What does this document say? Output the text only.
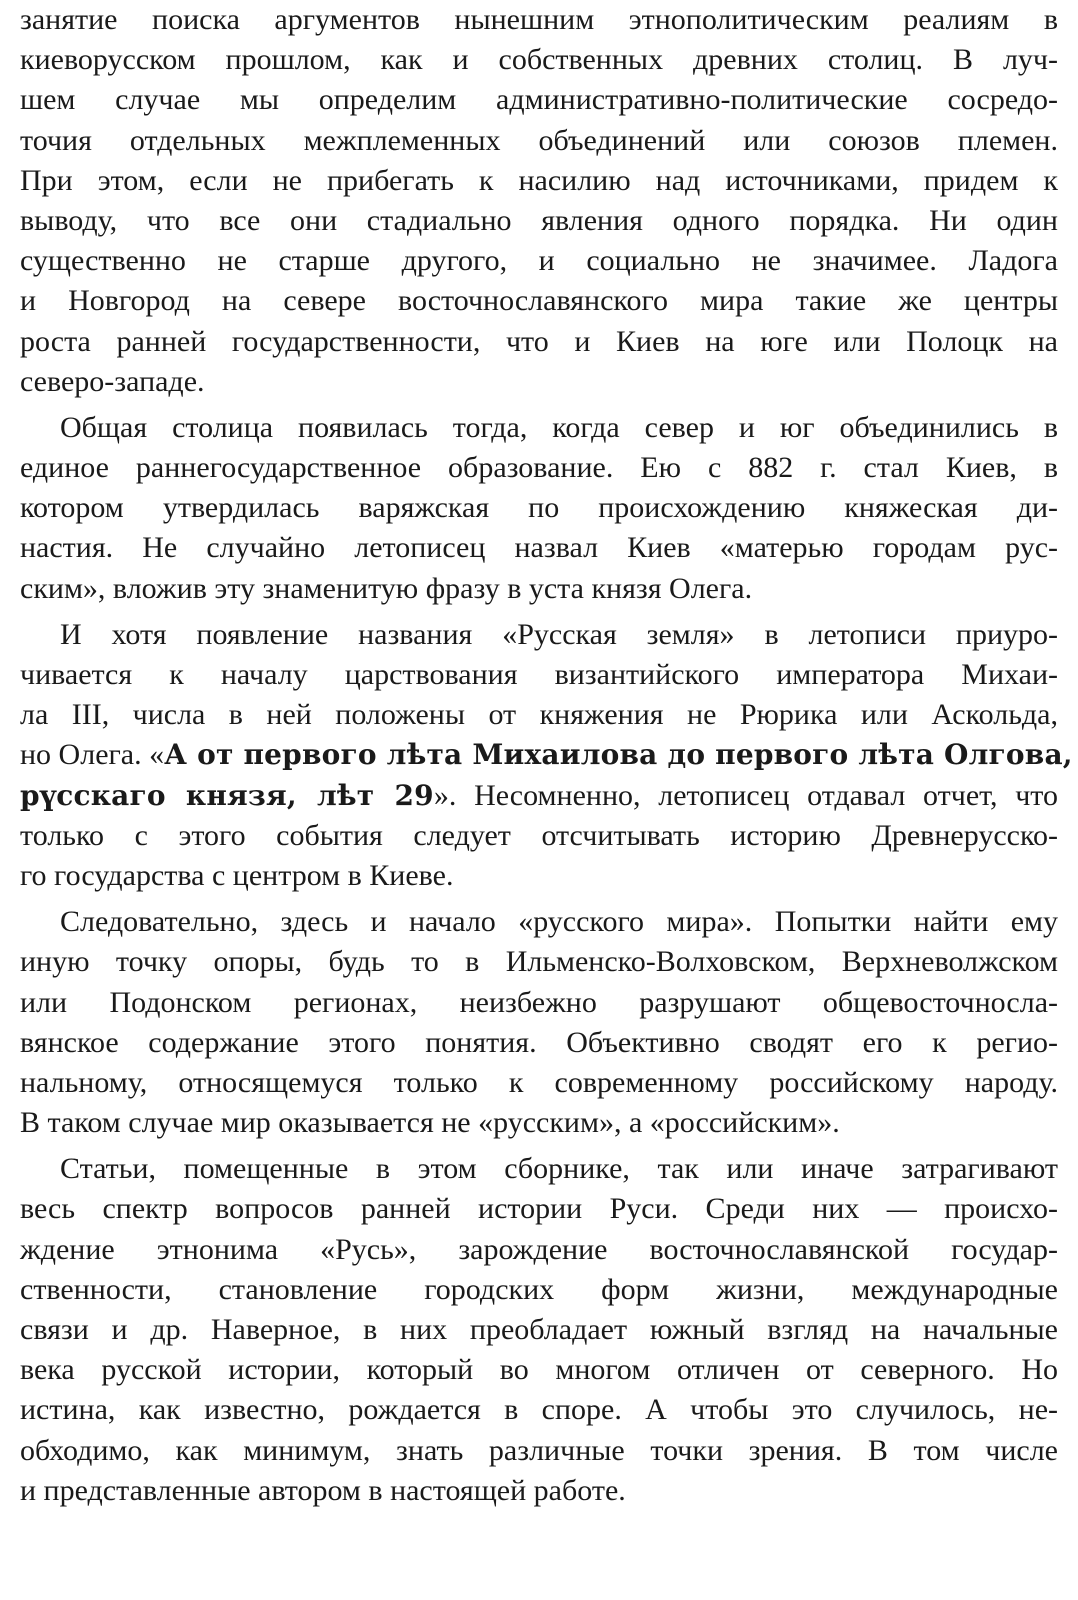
занятие поиска аргументов нынешним этнополитическим реалиям в
киеворусском прошлом, как и собственных древних столиц. В луч-
шем случае мы определим административно-политические сосредо-
точия отдельных межплеменных объединений или союзов племен.
При этом, если не прибегать к насилию над источниками, придем к
выводу, что все они стадиально явления одного порядка. Ни один
существенно не старше другого, и социально не значимее. Ладога
и Новгород на севере восточнославянского мира такие же центры
роста ранней государственности, что и Киев на юге или Полоцк на
северо-западе.
Общая столица появилась тогда, когда север и юг объединились в
единое раннегосударственное образование. Ею с 882 г. стал Киев, в
котором утвердилась варяжская по происхождению княжеская ди-
настия. Не случайно летописец назвал Киев «матерью городам рус-
ским», вложив эту знаменитую фразу в уста князя Олега.
И хотя появление названия «Русская земля» в летописи приуро-
чивается к началу царствования византийского императора Михаи-
ла III, числа в ней положены от княжения не Рюрика или Аскольда,
но Олега. «А от первого лѣта Михаилова до первого лѣта Олгова,
рүсскаго князя, лѣт 29». Несомненно, летописец отдавал отчет, что
только с этого события следует отсчитывать историю Древнерусско-
го государства с центром в Киеве.
Следовательно, здесь и начало «русского мира». Попытки найти ему
иную точку опоры, будь то в Ильменско-Волховском, Верхневолжском
или Подонском регионах, неизбежно разрушают общевосточносла-
вянское содержание этого понятия. Объективно сводят его к регио-
нальному, относящемуся только к современному российскому народу.
В таком случае мир оказывается не «русским», а «российским».
Статьи, помещенные в этом сборнике, так или иначе затрагивают
весь спектр вопросов ранней истории Руси. Среди них — происхо-
ждение этнонима «Русь», зарождение восточнославянской государ-
ственности, становление городских форм жизни, международные
связи и др. Наверное, в них преобладает южный взгляд на начальные
века русской истории, который во многом отличен от северного. Но
истина, как известно, рождается в споре. А чтобы это случилось, не-
обходимо, как минимум, знать различные точки зрения. В том числе
и представленные автором в настоящей работе.
